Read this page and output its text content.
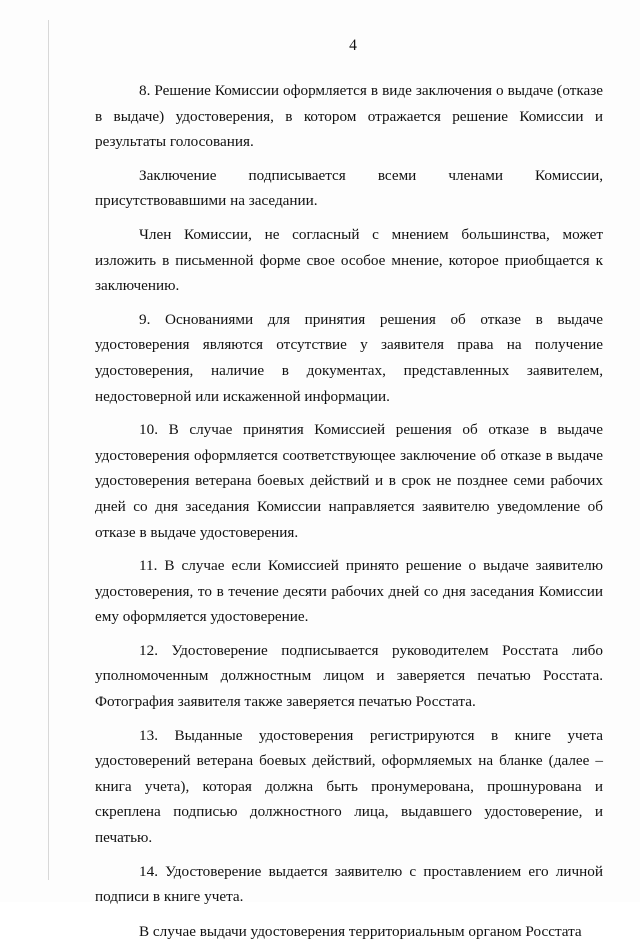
4

8. Решение Комиссии оформляется в виде заключения о выдаче (отказе в выдаче) удостоверения, в котором отражается решение Комиссии и результаты голосования.

Заключение подписывается всеми членами Комиссии, присутствовавшими на заседании.

Член Комиссии, не согласный с мнением большинства, может изложить в письменной форме свое особое мнение, которое приобщается к заключению.

9. Основаниями для принятия решения об отказе в выдаче удостоверения являются отсутствие у заявителя права на получение удостоверения, наличие в документах, представленных заявителем, недостоверной или искаженной информации.

10. В случае принятия Комиссией решения об отказе в выдаче удостоверения оформляется соответствующее заключение об отказе в выдаче удостоверения ветерана боевых действий и в срок не позднее семи рабочих дней со дня заседания Комиссии направляется заявителю уведомление об отказе в выдаче удостоверения.

11. В случае если Комиссией принято решение о выдаче заявителю удостоверения, то в течение десяти рабочих дней со дня заседания Комиссии ему оформляется удостоверение.

12. Удостоверение подписывается руководителем Росстата либо уполномоченным должностным лицом и заверяется печатью Росстата. Фотография заявителя также заверяется печатью Росстата.

13. Выданные удостоверения регистрируются в книге учета удостоверений ветерана боевых действий, оформляемых на бланке (далее – книга учета), которая должна быть пронумерована, прошнурована и скреплена подписью должностного лица, выдавшего удостоверение, и печатью.

14. Удостоверение выдается заявителю с проставлением его личной подписи в книге учета.

В случае выдачи удостоверения территориальным органом Росстата
